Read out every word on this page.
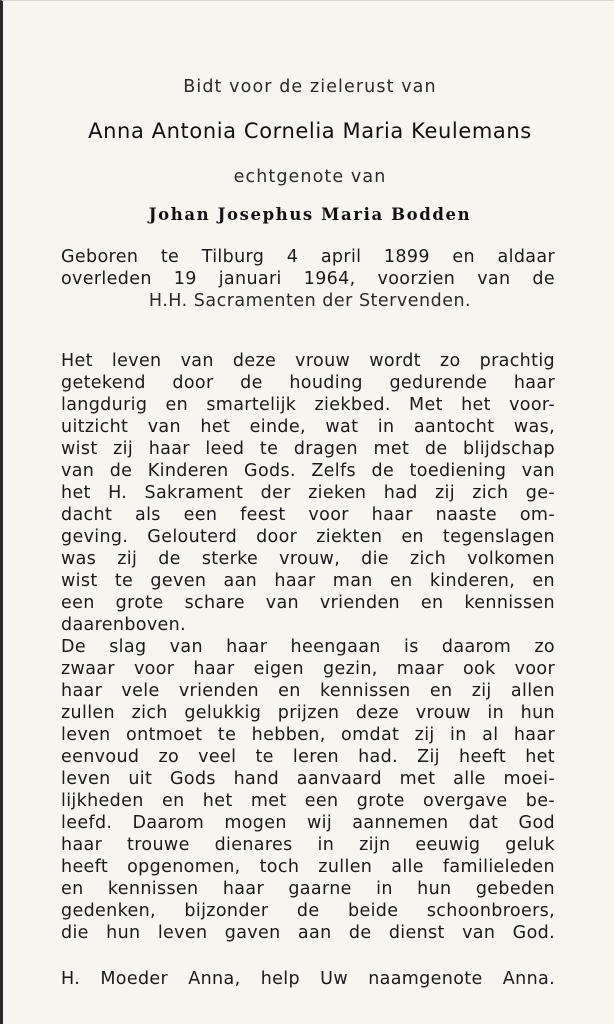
Bidt voor de zielerust van

Anna Antonia Cornelia Maria Keulemans

echtgenote van

Johan Josephus Maria Bodden

Geboren te Tilburg 4 april 1899 en aldaar

overleden 19 januari 1964, voorzien van de

H.H. Sacramenten der Stervenden.

Het leven van deze vrouw wordt zo prachtig

getekend door de houding gedurende haar

langdurig en smartelijk ziekbed. Met het voor-

uitzicht van het einde, wat in aantocht was,

wist zij haar leed te dragen met de blijdschap

van de Kinderen Gods. Zelfs de toediening van

het H. Sakrament der zieken had zij zich ge-

dacht als een feest voor haar naaste om-

geving. Gelouterd door ziekten en tegenslagen

was zij de sterke vrouw, die zich volkomen

wist te geven aan haar man en kinderen, en

een grote schare van vrienden en kennissen

daarenboven.

De slag van haar heengaan is daarom zo

zwaar voor haar eigen gezin, maar ook voor

haar vele vrienden en kennissen en zij allen

zullen zich gelukkig prijzen deze vrouw in hun

leven ontmoet te hebben, omdat zij in al haar

eenvoud zo veel te leren had. Zij heeft het

leven uit Gods hand aanvaard met alle moei-

lijkheden en het met een grote overgave be-

leefd. Daarom mogen wij aannemen dat God

haar trouwe dienares in zijn eeuwig geluk

heeft opgenomen, toch zullen alle familieleden

en kennissen haar gaarne in hun gebeden

gedenken, bijzonder de beide schoonbroers,

die hun leven gaven aan de dienst van God.

H. Moeder Anna, help Uw naamgenote Anna.
